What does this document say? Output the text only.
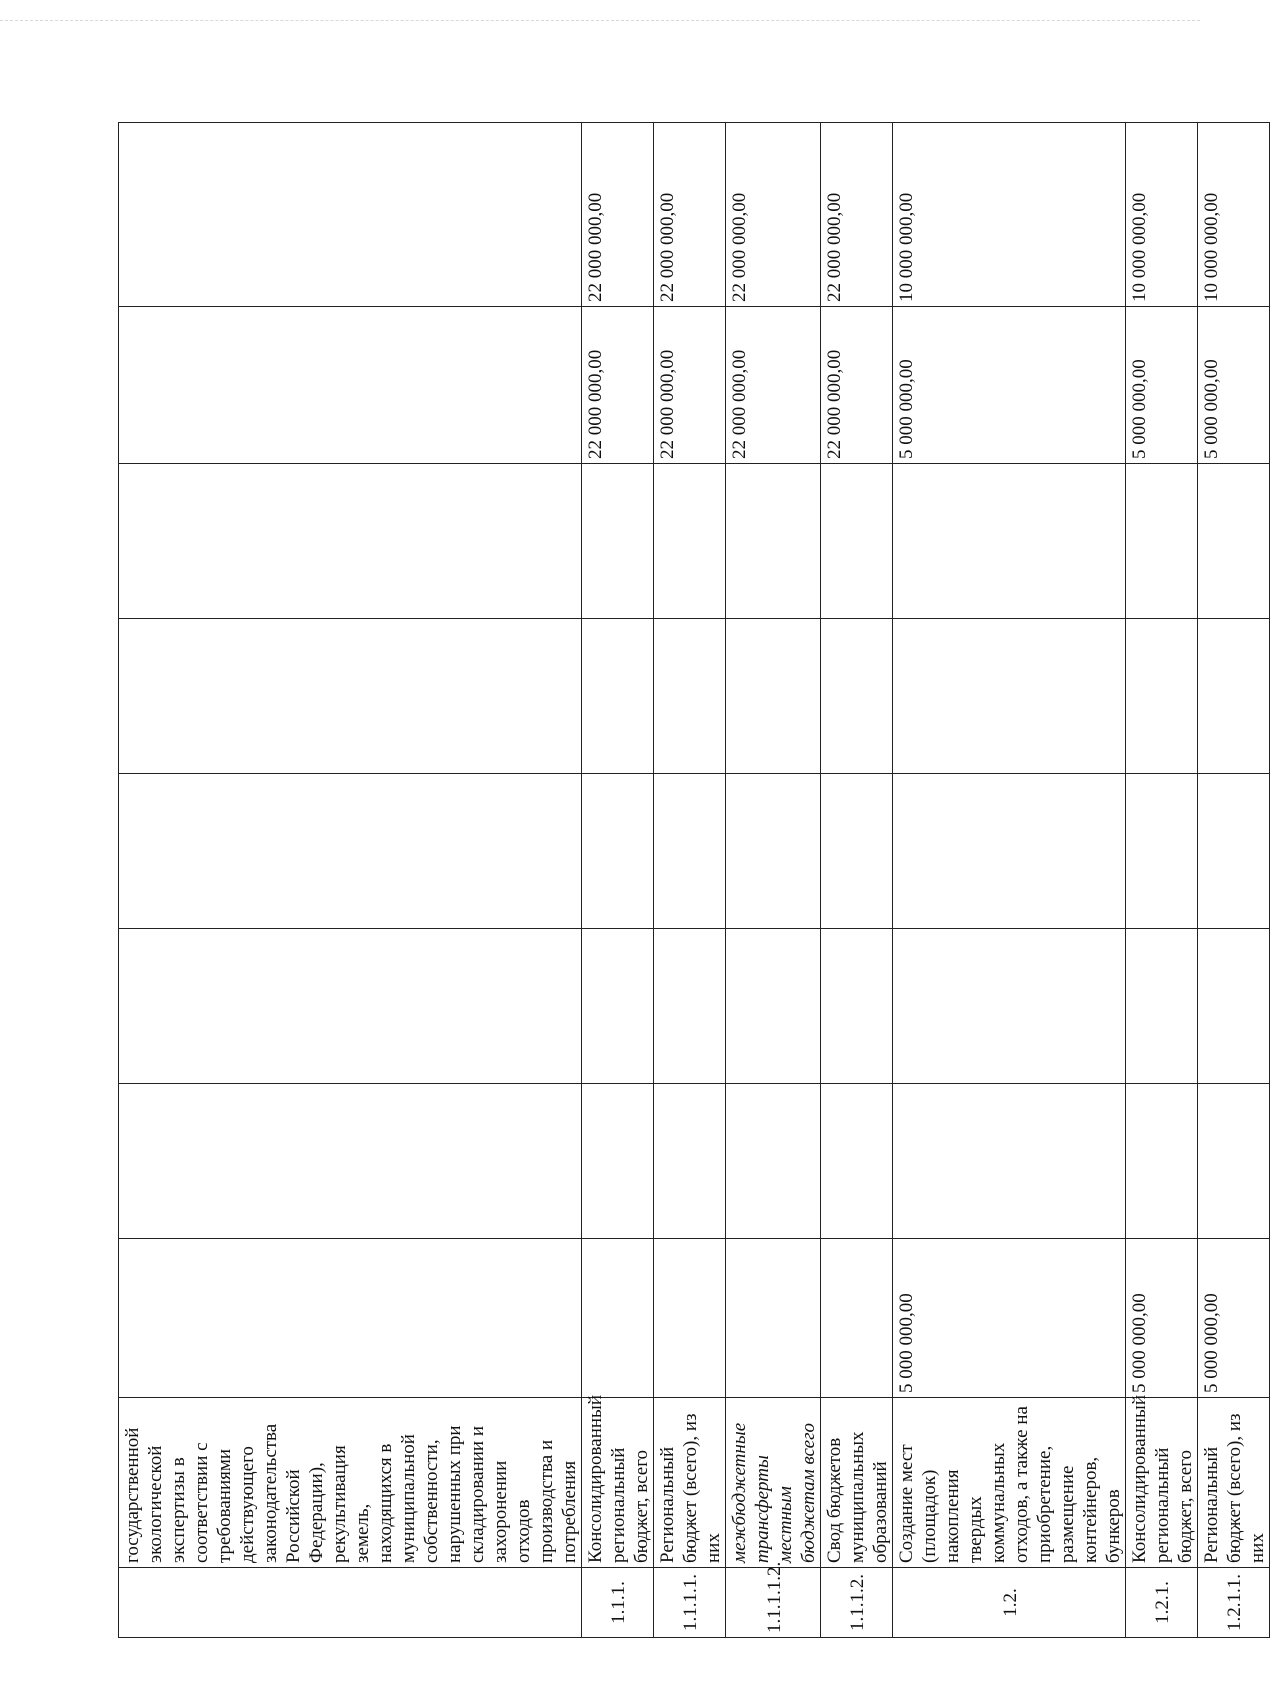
	государственной экологической экспертизы в соответствии с требованиями действующего законодательства Российской Федерации), рекультивация земель, находящихся в муниципальной собственности, нарушенных при складировании и захоронении отходов производства и потребления								
1.1.1.	Консолидированный региональный бюджет, всего							22 000 000,00	22 000 000,00
1.1.1.1.	Региональный бюджет (всего), из них							22 000 000,00	22 000 000,00
1.1.1.1.2.	межбюджетные трансферты местным бюджетам всего							22 000 000,00	22 000 000,00
1.1.1.2.	Свод бюджетов муниципальных образований							22 000 000,00	22 000 000,00
1.2.	Создание мест (площадок) накопления твердых коммунальных отходов, а также на приобретение, размещение контейнеров, бункеров	5 000 000,00						5 000 000,00	10 000 000,00
1.2.1.	Консолидированный региональный бюджет, всего	5 000 000,00						5 000 000,00	10 000 000,00
1.2.1.1.	Региональный бюджет (всего), из них	5 000 000,00						5 000 000,00	10 000 000,00
